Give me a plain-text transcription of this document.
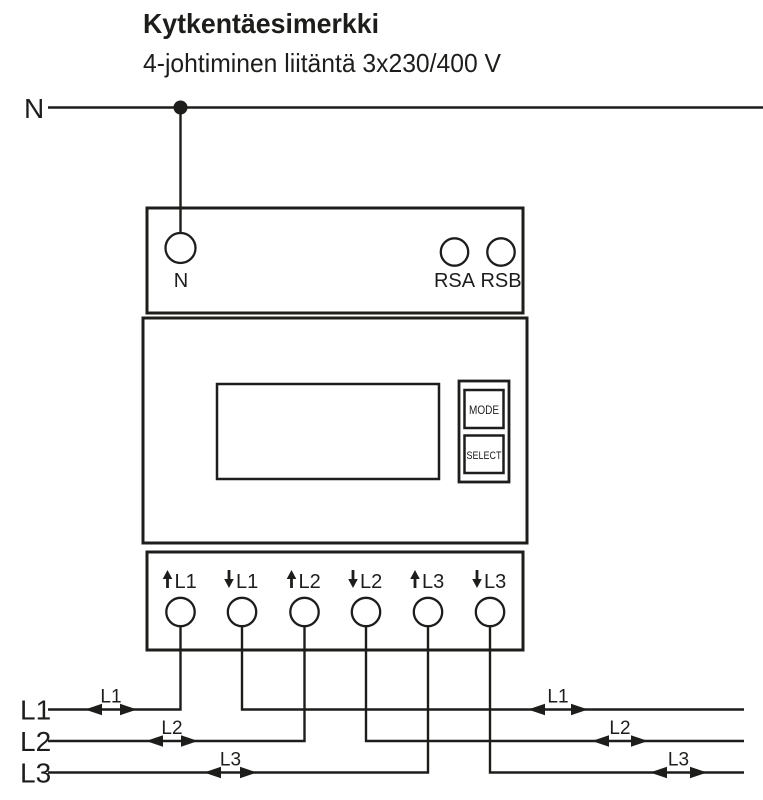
Kytkentäesimerkki
4-johtiminen liitäntä 3x230/400 V
N
N	RSA RSB
MODE
SELECT
L1 L1 L2 L2 L3 L3
L1
L2
L3
L1
L2
L3
L1
L2
L3
